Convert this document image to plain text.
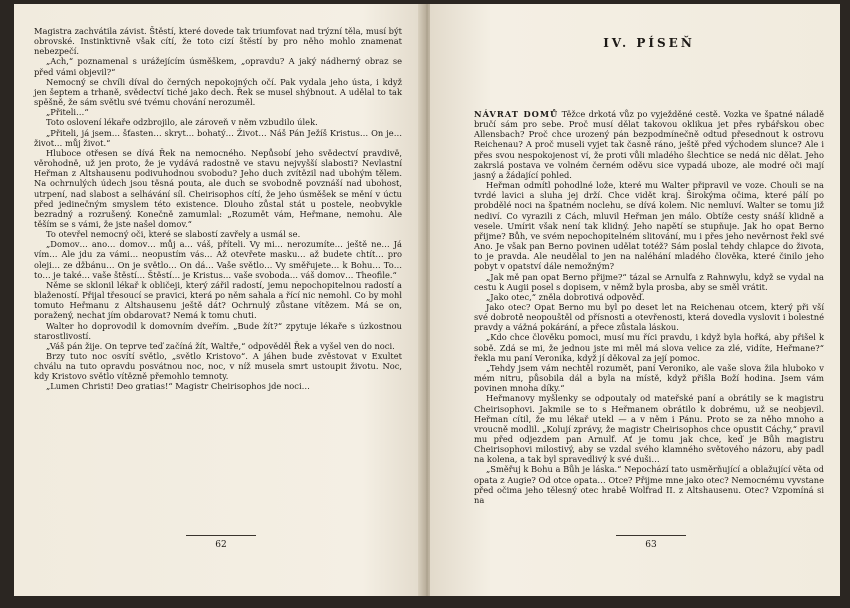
Magistra zachvátila závist. Štěstí, které dovede tak triumfovat nad trýzní těla, musí být obrovské. Instinktivně však cítí, že toto cizí štěstí by pro něho mohlo znamenat nebezpečí.

„Ach,“ poznamenal s urážejícím úsměškem, „opravdu? A jaký nádherný obraz se před vámi objevil?“

Nemocný se chvíli díval do černých nepokojných očí. Pak vydala jeho ústa, i když jen šeptem a trhaně, svědectví tiché jako dech. Řek se musel shýbnout. A udělal to tak spěšně, že sám světlu své tvému chování nerozuměl.

„Přiteli…“

Toto oslovení lékaře odzbrojilo, ale zároveň v něm vzbudilo úlek.

„Přiteli, já jsem… šťasten… skryt… bohatý… Život… Náš Pán Ježíš Kristus… On je… život… můj život.“

Hluboce otřesen se dívá Řek na nemocného. Nepůsobí jeho svědectví pravdivě, věrohodně, už jen proto, že je vydává radostně ve stavu nejvyšší slabosti? Nevlastní Heřman z Altshausenu podivuhodnou svobodu? Jeho duch zvítězil nad ubohým tělem. Na ochrnulých údech jsou těsná pouta, ale duch se svobodně povznáší nad ubohost, utrpení, nad slabost a selhávání síl. Cheirisophos cítí, že jeho úsměšek se mění v úctu před jedinečným smyslem této existence. Dlouho zůstal stát u postele, neobvykle bezradný a rozrušený. Konečně zamumlal: „Rozumět vám, Heřmane, nemohu. Ale těším se s vámi, že jste našel domov.“

To otevřel nemocný oči, které se slabostí zavřely a usmál se.

„Domov… ano… domov… můj a… váš, příteli. Vy mi… nerozumíte… ještě ne… Já vím… Ale jdu za vámi… neopustím vás… Až otevřete masku… až budete chtít… pro oleji… ze džbánu… On je světlo… On dá… Vaše světlo… Vy směřujete… k Bohu… To… to… je také… vaše štěstí… Štěstí… je Kristus… vaše svoboda… váš domov… Theofile.“

Něme se sklonil lékař k obličeji, který zářil radostí, jemu nepochopitelnou radostí a blažeností. Přijal třesoucí se pravici, která po něm sahala a řící nic nemohl. Co by mohl tomuto Heřmanu z Altshausenu ještě dát? Ochrnulý zůstane vítězem. Má se on, poražený, nechat jím obdarovat? Nemá k tomu chuti.

Walter ho doprovodil k domovním dveřím. „Bude žít?“ zpytuje lékaře s úzkostnou starostlivostí.

„Váš pán žije. On teprve teď začíná žít, Waltře,“ odpověděl Řek a vyšel ven do noci.

Brzy tuto noc osvítí světlo, „světlo Kristovo“. A jáhen bude zvěstovat v Exultet chválu na tuto opravdu posvátnou noc, noc, v níž musela smrt ustoupit životu. Noc, kdy Kristovo světlo vítězně přemohlo temnoty.

„Lumen Christi! Deo gratias!“ Magistr Cheirisophos jde noci…

62
IV. PÍSEŇ

NÁVRAT DOMŮ Těžce drkotá vůz po vyježděné cestě. Vozka ve špatné náladě bručí sám pro sebe. Proč musí dělat takovou oklikua jet přes rybářskou obec Allensbach? Proč chce urozený pán bezpodmínečně odtud přesednout k ostrovu Reichenau? A proč museli vyjet tak časně ráno, ještě před východem slunce? Ale i přes svou nespokojenost ví, že proti vůli mladého šlechtice se nedá nic dělat. Jeho zakrslá postava ve volném černém oděvu sice vypadá uboze, ale modré oči mají jasný a žádající pohled.

Heřman odmítl pohodlné lože, které mu Walter připravil ve voze. Chouli se na tvrdé lavici a sluha jej drží. Chce vidět kraj. Širokýma očima, které pálí po probdělé noci na špatném noclehu, se dívá kolem. Nic nemluví. Walter se tomu již nediví. Co vyrazili z Cách, mluvil Heřman jen málo. Obtíže cesty snáší klidně a vesele. Umírit však není tak klidný. Jeho napětí se stupňuje. Jak ho opat Berno přijme? Bůh, ve svém nepochopitelném slitování, mu i přes jeho nevěrnost řekl své Ano. Je však pan Berno povinen udělat totéž? Sám poslal tehdy chlapce do života, to je pravda. Ale neudělal to jen na naléhání mladého člověka, které činilo jeho pobyt v opatství dále nemožným?

„Jak mě pan opat Berno přijme?“ tázal se Arnulfa z Rahnwylu, když se vydal na cestu k Augii posel s dopisem, v němž byla prosba, aby se směl vrátit.

„Jako otec,“ zněla dobrotivá odpověď.

Jako otec? Opat Berno mu byl po deset let na Reichenau otcem, který při vší své dobrotě neopouštěl od přísnosti a otevřenosti, která dovedla vyslovit i bolestné pravdy a vážná pokárání, a přece zůstala láskou.

„Kdo chce člověku pomoci, musí mu říci pravdu, i když byla hořká, aby přišel k sobě. Zdá se mi, že jednou jste mi měl má slova velice za zlé, vidíte, Heřmane?“ řekla mu paní Veronika, když jí děkoval za její pomoc.

„Tehdy jsem vám nechtěl rozumět, paní Veroniko, ale vaše slova žila hluboko v mém nitru, působila dál a byla na místě, když přišla Boží hodina. Jsem vám povinen mnoha díky.“

Heřmanovy myšlenky se odpoutaly od mateřské paní a obrátily se k magistru Cheirisophovi. Jakmile se to s Heřmanem obrátilo k dobrému, už se neobjevil. Heřman cítil, že mu lékař utekl — a v něm i Pánu. Proto se za něho mnoho a vroucně modlil. „Kolují zprávy, že magistr Cheirisophos chce opustit Cáchy,“ pravil mu před odjezdem pan Arnulf. Ať je tomu jak chce, keď je Bůh magistru Cheirisophovi milostivý, aby se vzdal svého klamného světového názoru, aby padl na kolena, a tak byl spravedlivý k své duši…

„Směřuj k Bohu a Bůh je láska.“ Nepochází tato usměrňující a oblažující věta od opata z Augie? Od otce opata… Otce? Přijme mne jako otec? Nemocnému vyvstane před očima jeho tělesný otec hrabě Wolfrad II. z Altshausenu. Otec? Vzpomíná si na

63
